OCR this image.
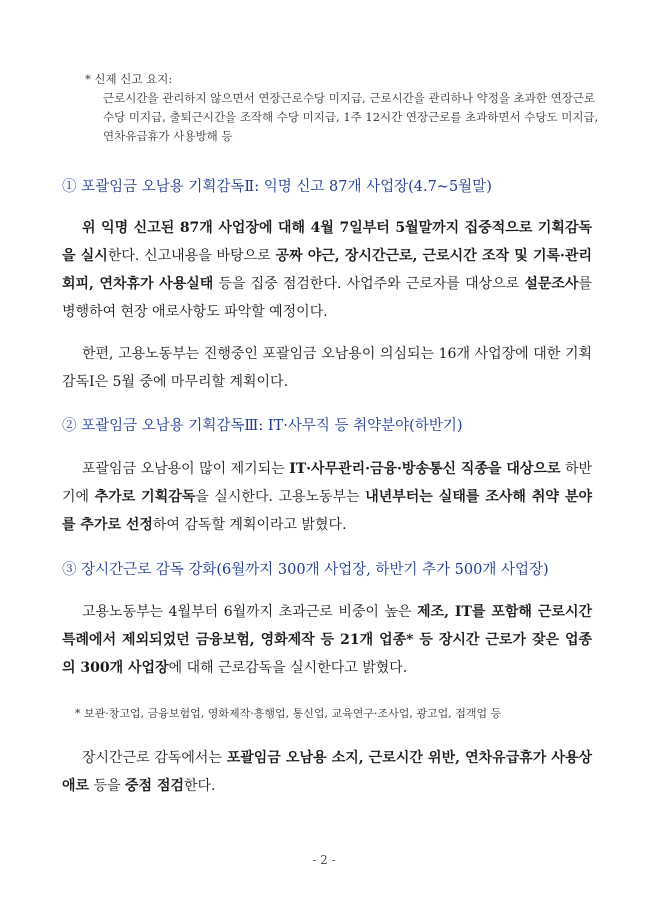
* 신제 신고 요지:
근로시간을 관리하지 않으면서 연장근로수당 미지급, 근로시간을 관리하나 약정을 초과한 연장근로수당 미지급, 출퇴근시간을 조작해 수당 미지급, 1주 12시간 연장근로를 초과하면서 수당도 미지급, 연차유급휴가 사용방해 등
① 포괄임금 오남용 기획감독Ⅱ: 익명 신고 87개 사업장(4.7~5월말)
위 익명 신고된 87개 사업장에 대해 4월 7일부터 5월말까지 집중적으로 기획감독을 실시한다. 신고내용을 바탕으로 공짜 야근, 장시간근로, 근로시간 조작 및 기록·관리 회피, 연차휴가 사용실태 등을 집중 점검한다. 사업주와 근로자를 대상으로 설문조사를 병행하여 현장 애로사항도 파악할 예정이다.
한편, 고용노동부는 진행중인 포괄임금 오남용이 의심되는 16개 사업장에 대한 기획감독Ⅰ은 5월 중에 마무리할 계획이다.
② 포괄임금 오남용 기획감독Ⅲ: IT·사무직 등 취약분야(하반기)
포괄임금 오남용이 많이 제기되는 IT·사무관리·금융·방송통신 직종을 대상으로 하반기에 추가로 기획감독을 실시한다. 고용노동부는 내년부터는 실태를 조사해 취약 분야를 추가로 선정하여 감독할 계획이라고 밝혔다.
③ 장시간근로 감독 강화(6월까지 300개 사업장, 하반기 추가 500개 사업장)
고용노동부는 4월부터 6월까지 초과근로 비중이 높은 제조, IT를 포함해 근로시간 특례에서 제외되었던 금융보험, 영화제작 등 21개 업종* 등 장시간 근로가 잦은 업종의 300개 사업장에 대해 근로감독을 실시한다고 밝혔다.
* 보관·창고업, 금융보험업, 영화제작·흥행업, 통신업, 교육연구·조사업, 광고업, 접객업 등
장시간근로 감독에서는 포괄임금 오남용 소지, 근로시간 위반, 연차유급휴가 사용상 애로 등을 중점 점검한다.
- 2 -
